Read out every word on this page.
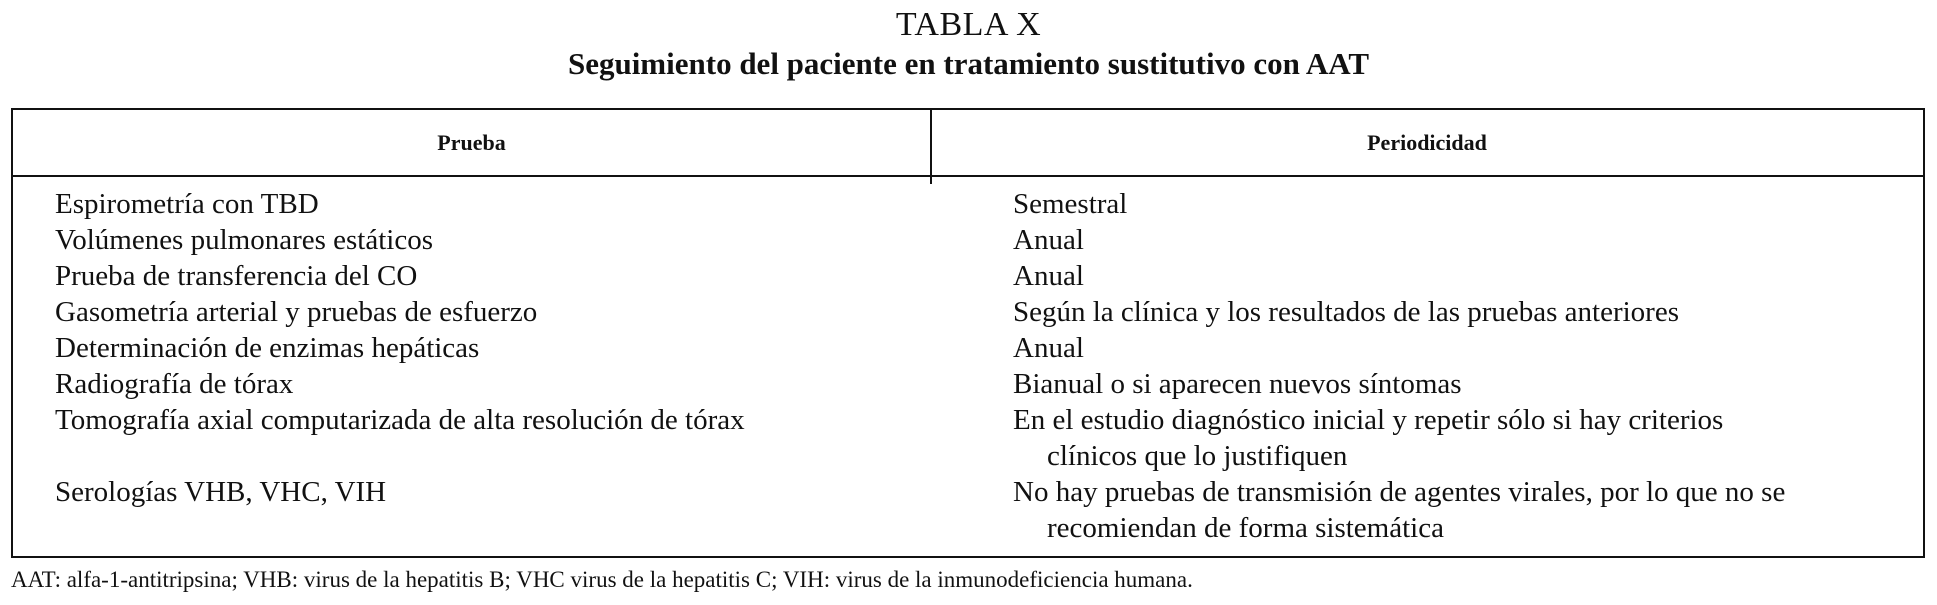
TABLA X
Seguimiento del paciente en tratamiento sustitutivo con AAT
Prueba	Periodicidad
Espirometría con TBD	Semestral
Volúmenes pulmonares estáticos	Anual
Prueba de transferencia del CO	Anual
Gasometría arterial y pruebas de esfuerzo	Según la clínica y los resultados de las pruebas anteriores
Determinación de enzimas hepáticas	Anual
Radiografía de tórax	Bianual o si aparecen nuevos síntomas
Tomografía axial computarizada de alta resolución de tórax	En el estudio diagnóstico inicial y repetir sólo si hay criterios
clínicos que lo justifiquen
Serologías VHB, VHC, VIH	No hay pruebas de transmisión de agentes virales, por lo que no se
recomiendan de forma sistemática
AAT: alfa-1-antitripsina; VHB: virus de la hepatitis B; VHC virus de la hepatitis C; VIH: virus de la inmunodeficiencia humana.
